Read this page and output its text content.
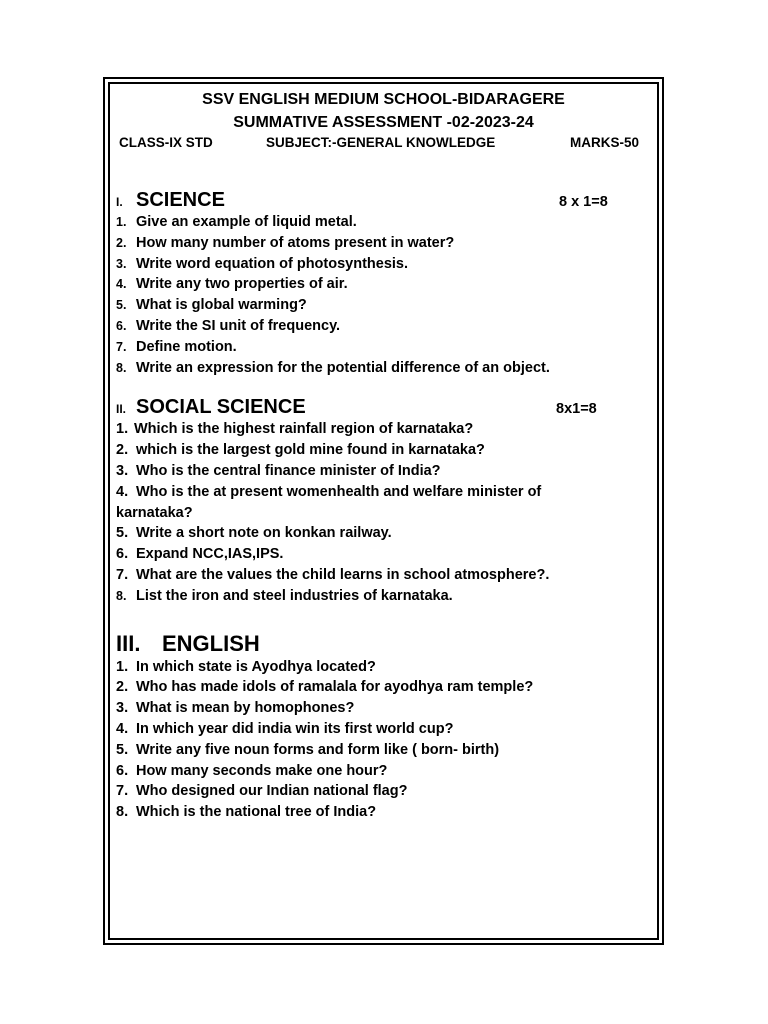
SSV ENGLISH MEDIUM SCHOOL-BIDARAGERE
SUMMATIVE ASSESSMENT -02-2023-24
CLASS-IX STD	SUBJECT:-GENERAL KNOWLEDGE	MARKS-50
I. SCIENCE	8 x 1=8
1. Give an example of liquid metal.
2. How many number of atoms present in water?
3. Write word equation of photosynthesis.
4. Write any two properties of air.
5. What is global warming?
6. Write the SI unit of frequency.
7. Define motion.
8. Write an expression for the potential difference of an object.
II. SOCIAL SCIENCE	8x1=8
1. Which is the highest rainfall region of karnataka?
2. which is the largest gold mine found in karnataka?
3. Who is the central finance minister of India?
4. Who is the at present womenhealth and welfare minister of karnataka?
5. Write a short note on konkan railway.
6. Expand NCC,IAS,IPS.
7. What are the values the child learns in school atmosphere?.
8. List the iron and steel industries of karnataka.
III. ENGLISH
1. In which state is Ayodhya located?
2. Who has made idols of ramalala for ayodhya ram temple?
3. What is mean by homophones?
4. In which year did india win its first world cup?
5. Write any five noun forms and form like ( born- birth)
6. How many seconds make one hour?
7. Who designed our Indian national flag?
8. Which is the national tree of India?
